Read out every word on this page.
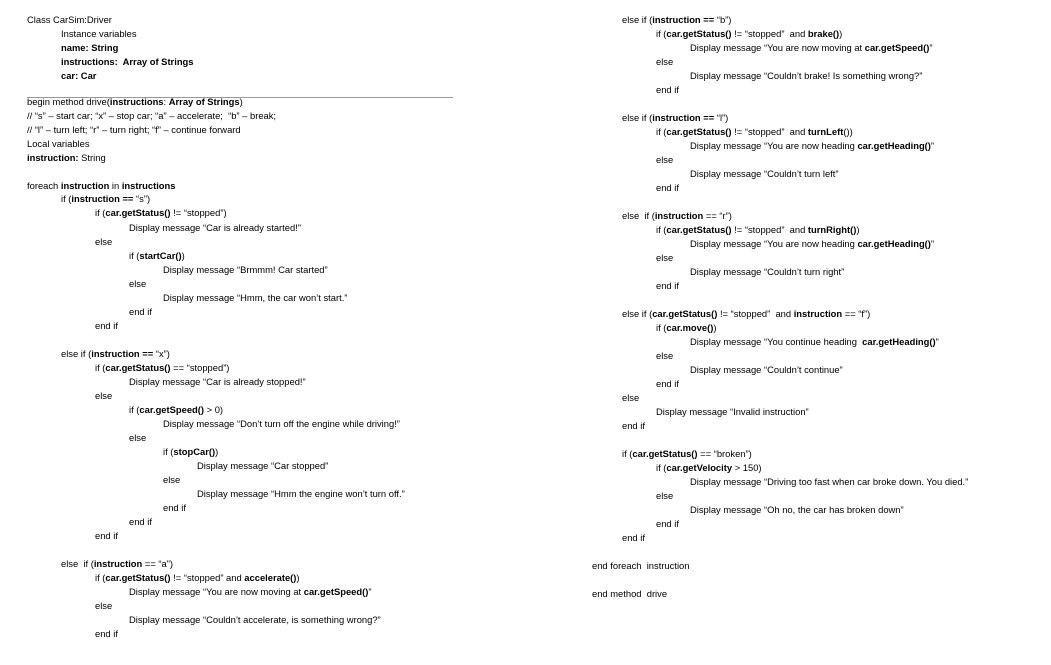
Class CarSim:Driver
Instance variables
name: String
instructions:  Array of Strings
car: Car
begin method drive(instructions: Array of Strings)
// “s” – start car; “x” – stop car; “a” – accelerate;  “b” – break;
// “l” – turn left; “r” – turn right; “f” – continue forward
Local variables
instruction: String
foreach instruction in instructions
if (instruction == “s”)
if (car.getStatus() != “stopped”)
Display message “Car is already started!”
else
if (startCar())
Display message “Brmmm! Car started”
else
Display message “Hmm, the car won’t start.”
end if
end if
else if (instruction == “x”)
if (car.getStatus() == “stopped”)
Display message “Car is already stopped!”
else
if (car.getSpeed() > 0)
Display message “Don’t turn off the engine while driving!”
else
if (stopCar())
Display message “Car stopped”
else
Display message “Hmm the engine won’t turn off.”
end if
end if
end if
else  if (instruction == “a”)
if (car.getStatus() != “stopped” and accelerate())
Display message “You are now moving at car.getSpeed()”
else
Display message “Couldn’t accelerate, is something wrong?”
end if
else if (instruction == “b”)
if (car.getStatus() != “stopped”  and brake())
Display message “You are now moving at car.getSpeed()”
else
Display message “Couldn’t brake! Is something wrong?”
end if
else if (instruction == “l”)
if (car.getStatus() != “stopped”  and turnLeft())
Display message “You are now heading car.getHeading()”
else
Display message “Couldn’t turn left”
end if
else  if (instruction == “r”)
if (car.getStatus() != “stopped”  and turnRight())
Display message “You are now heading car.getHeading()”
else
Display message “Couldn’t turn right”
end if
else if (car.getStatus() != “stopped”  and instruction == “f”)
if (car.move())
Display message “You continue heading  car.getHeading()”
else
Display message “Couldn’t continue”
end if
else
Display message “Invalid instruction”
end if
if (car.getStatus() == “broken”)
if (car.getVelocity > 150)
Display message “Driving too fast when car broke down. You died.”
else
Display message “Oh no, the car has broken down”
end if
end if
end foreach  instruction
end method  drive
